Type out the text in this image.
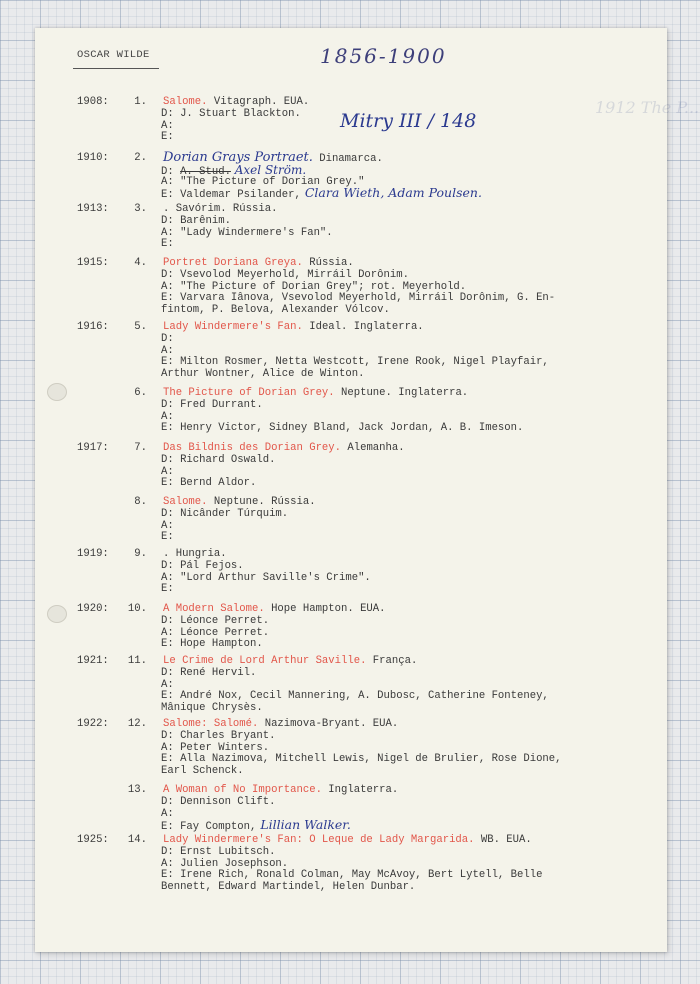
OSCAR WILDE	1856-1900
Mitry III / 148
1912 The P...

1908:	1. Salome. Vitagraph. EUA.
D: J. Stuart Blackton.
A:
E:
1910:	2. Dorian Grays Portraet. Dinamarca.
D: A. Stud. Axel Ström.
A: "The Picture of Dorian Grey."
E: Valdemar Psilander, Clara Wieth, Adam Poulsen.
1913:	3. . Savórim. Rússia.
D: Barênim.
A: "Lady Windermere's Fan".
E:
1915:	4. Portret Doriana Greya. Rússia.
D: Vsevolod Meyerhold, Mirráil Dorônim.
A: "The Picture of Dorian Grey"; rot. Meyerhold.
E: Varvara Iânova, Vsevolod Meyerhold, Mirráil Dorônim, G. En-
fintom, P. Belova, Alexander Vólcov.
1916:	5. Lady Windermere's Fan. Ideal. Inglaterra.
D:
A:
E: Milton Rosmer, Netta Westcott, Irene Rook, Nigel Playfair,
Arthur Wontner, Alice de Winton.
6. The Picture of Dorian Grey. Neptune. Inglaterra.
D: Fred Durrant.
A:
E: Henry Victor, Sidney Bland, Jack Jordan, A. B. Imeson.
1917:	7. Das Bildnis des Dorian Grey. Alemanha.
D: Richard Oswald.
A:
E: Bernd Aldor.
8. Salome. Neptune. Rússia.
D: Nicânder Túrquim.
A:
E:
1919:	9. . Hungria.
D: Pál Fejos.
A: "Lord Arthur Saville's Crime".
E:
1920:	10. A Modern Salome. Hope Hampton. EUA.
D: Léonce Perret.
A: Léonce Perret.
E: Hope Hampton.
1921:	11. Le Crime de Lord Arthur Saville. França.
D: René Hervil.
A:
E: André Nox, Cecil Mannering, A. Dubosc, Catherine Fonteney,
Mânique Chrysès.
1922:	12. Salome: Salomé. Nazimova-Bryant. EUA.
D: Charles Bryant.
A: Peter Winters.
E: Alla Nazimova, Mitchell Lewis, Nigel de Brulier, Rose Dione,
Earl Schenck.
13. A Woman of No Importance. Inglaterra.
D: Dennison Clift.
A:
E: Fay Compton, Lillian Walker.
1925:	14. Lady Windermere's Fan: O Leque de Lady Margarida. WB. EUA.
D: Ernst Lubitsch.
A: Julien Josephson.
E: Irene Rich, Ronald Colman, May McAvoy, Bert Lytell, Belle
Bennett, Edward Martindel, Helen Dunbar.
